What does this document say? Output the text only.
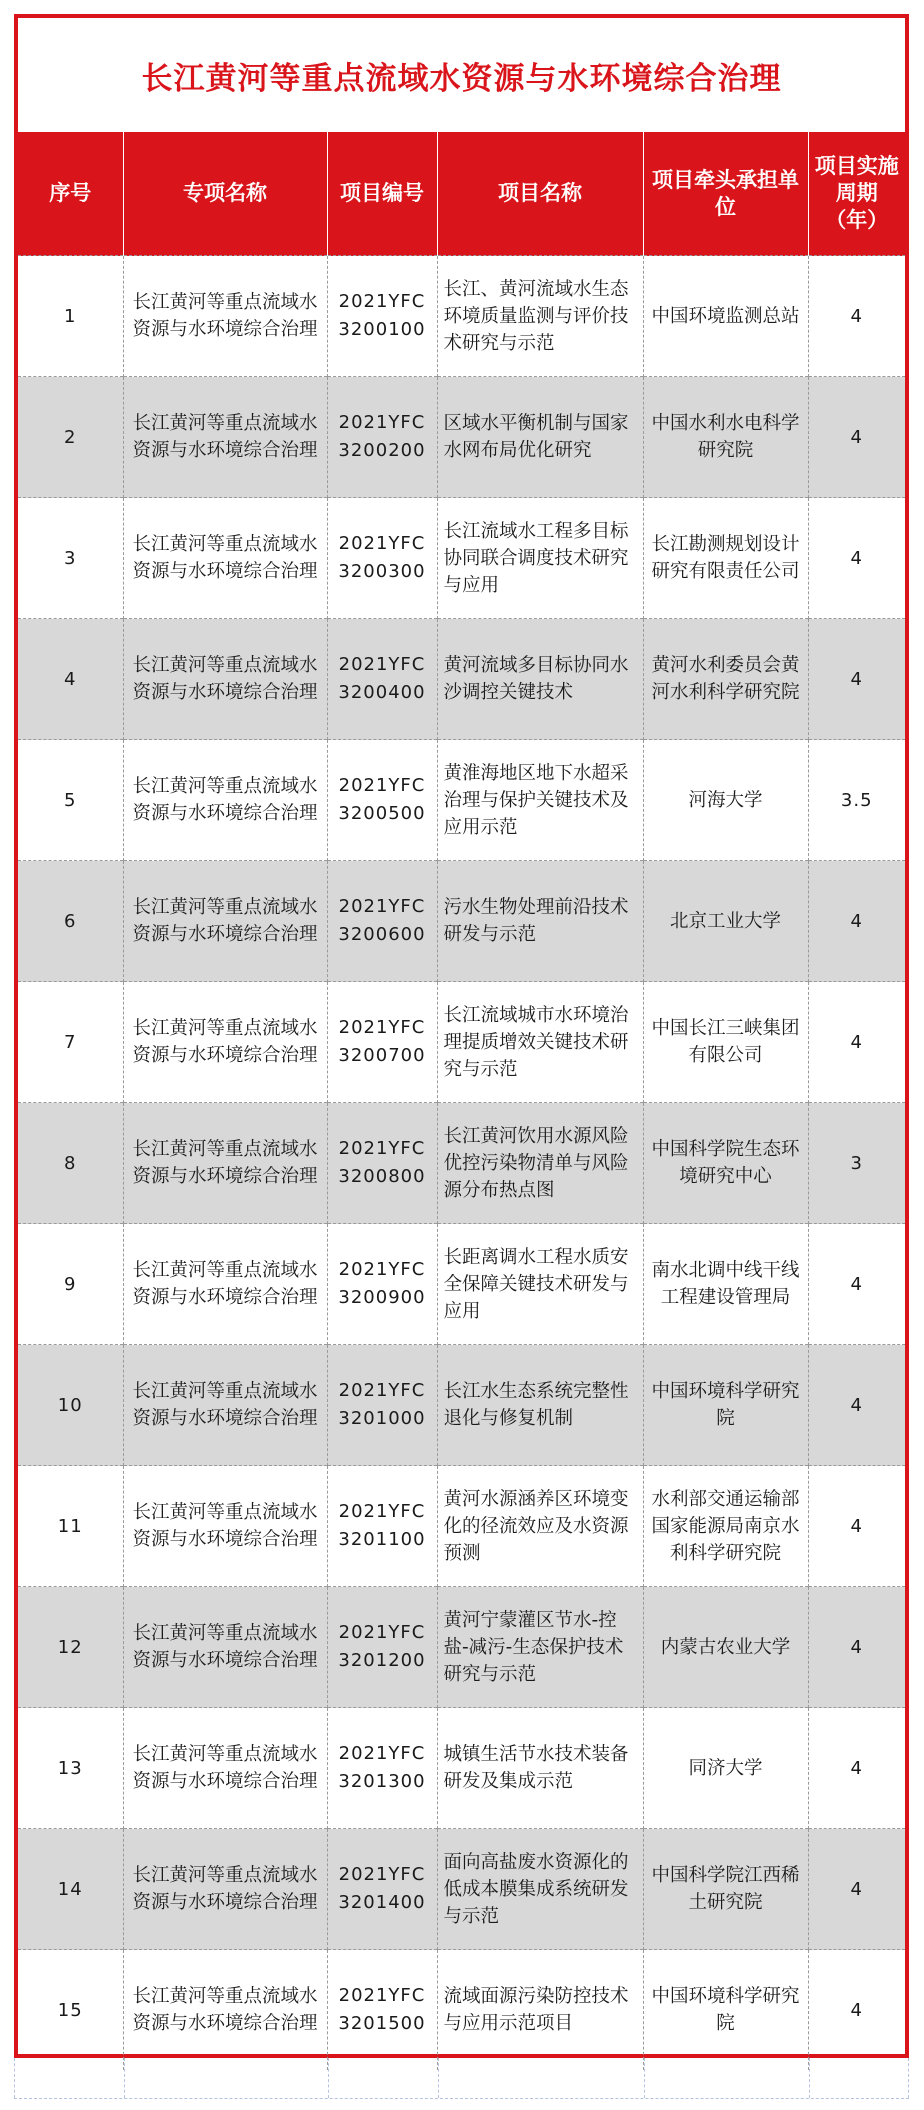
长江黄河等重点流域水资源与水环境综合治理
序号	专项名称	项目编号	项目名称	项目牵头承担单位	项目实施周期（年）
1	长江黄河等重点流域水资源与水环境综合治理	2021YFC3200100	长江、黄河流域水生态环境质量监测与评价技术研究与示范	中国环境监测总站	4
2	长江黄河等重点流域水资源与水环境综合治理	2021YFC3200200	区域水平衡机制与国家水网布局优化研究	中国水利水电科学研究院	4
3	长江黄河等重点流域水资源与水环境综合治理	2021YFC3200300	长江流域水工程多目标协同联合调度技术研究与应用	长江勘测规划设计研究有限责任公司	4
4	长江黄河等重点流域水资源与水环境综合治理	2021YFC3200400	黄河流域多目标协同水沙调控关键技术	黄河水利委员会黄河水利科学研究院	4
5	长江黄河等重点流域水资源与水环境综合治理	2021YFC3200500	黄淮海地区地下水超采治理与保护关键技术及应用示范	河海大学	3.5
6	长江黄河等重点流域水资源与水环境综合治理	2021YFC3200600	污水生物处理前沿技术研发与示范	北京工业大学	4
7	长江黄河等重点流域水资源与水环境综合治理	2021YFC3200700	长江流域城市水环境治理提质增效关键技术研究与示范	中国长江三峡集团有限公司	4
8	长江黄河等重点流域水资源与水环境综合治理	2021YFC3200800	长江黄河饮用水源风险优控污染物清单与风险源分布热点图	中国科学院生态环境研究中心	3
9	长江黄河等重点流域水资源与水环境综合治理	2021YFC3200900	长距离调水工程水质安全保障关键技术研发与应用	南水北调中线干线工程建设管理局	4
10	长江黄河等重点流域水资源与水环境综合治理	2021YFC3201000	长江水生态系统完整性退化与修复机制	中国环境科学研究院	4
11	长江黄河等重点流域水资源与水环境综合治理	2021YFC3201100	黄河水源涵养区环境变化的径流效应及水资源预测	水利部交通运输部国家能源局南京水利科学研究院	4
12	长江黄河等重点流域水资源与水环境综合治理	2021YFC3201200	黄河宁蒙灌区节水-控盐-减污-生态保护技术研究与示范	内蒙古农业大学	4
13	长江黄河等重点流域水资源与水环境综合治理	2021YFC3201300	城镇生活节水技术装备研发及集成示范	同济大学	4
14	长江黄河等重点流域水资源与水环境综合治理	2021YFC3201400	面向高盐废水资源化的低成本膜集成系统研发与示范	中国科学院江西稀土研究院	4
15	长江黄河等重点流域水资源与水环境综合治理	2021YFC3201500	流域面源污染防控技术与应用示范项目	中国环境科学研究院	4
